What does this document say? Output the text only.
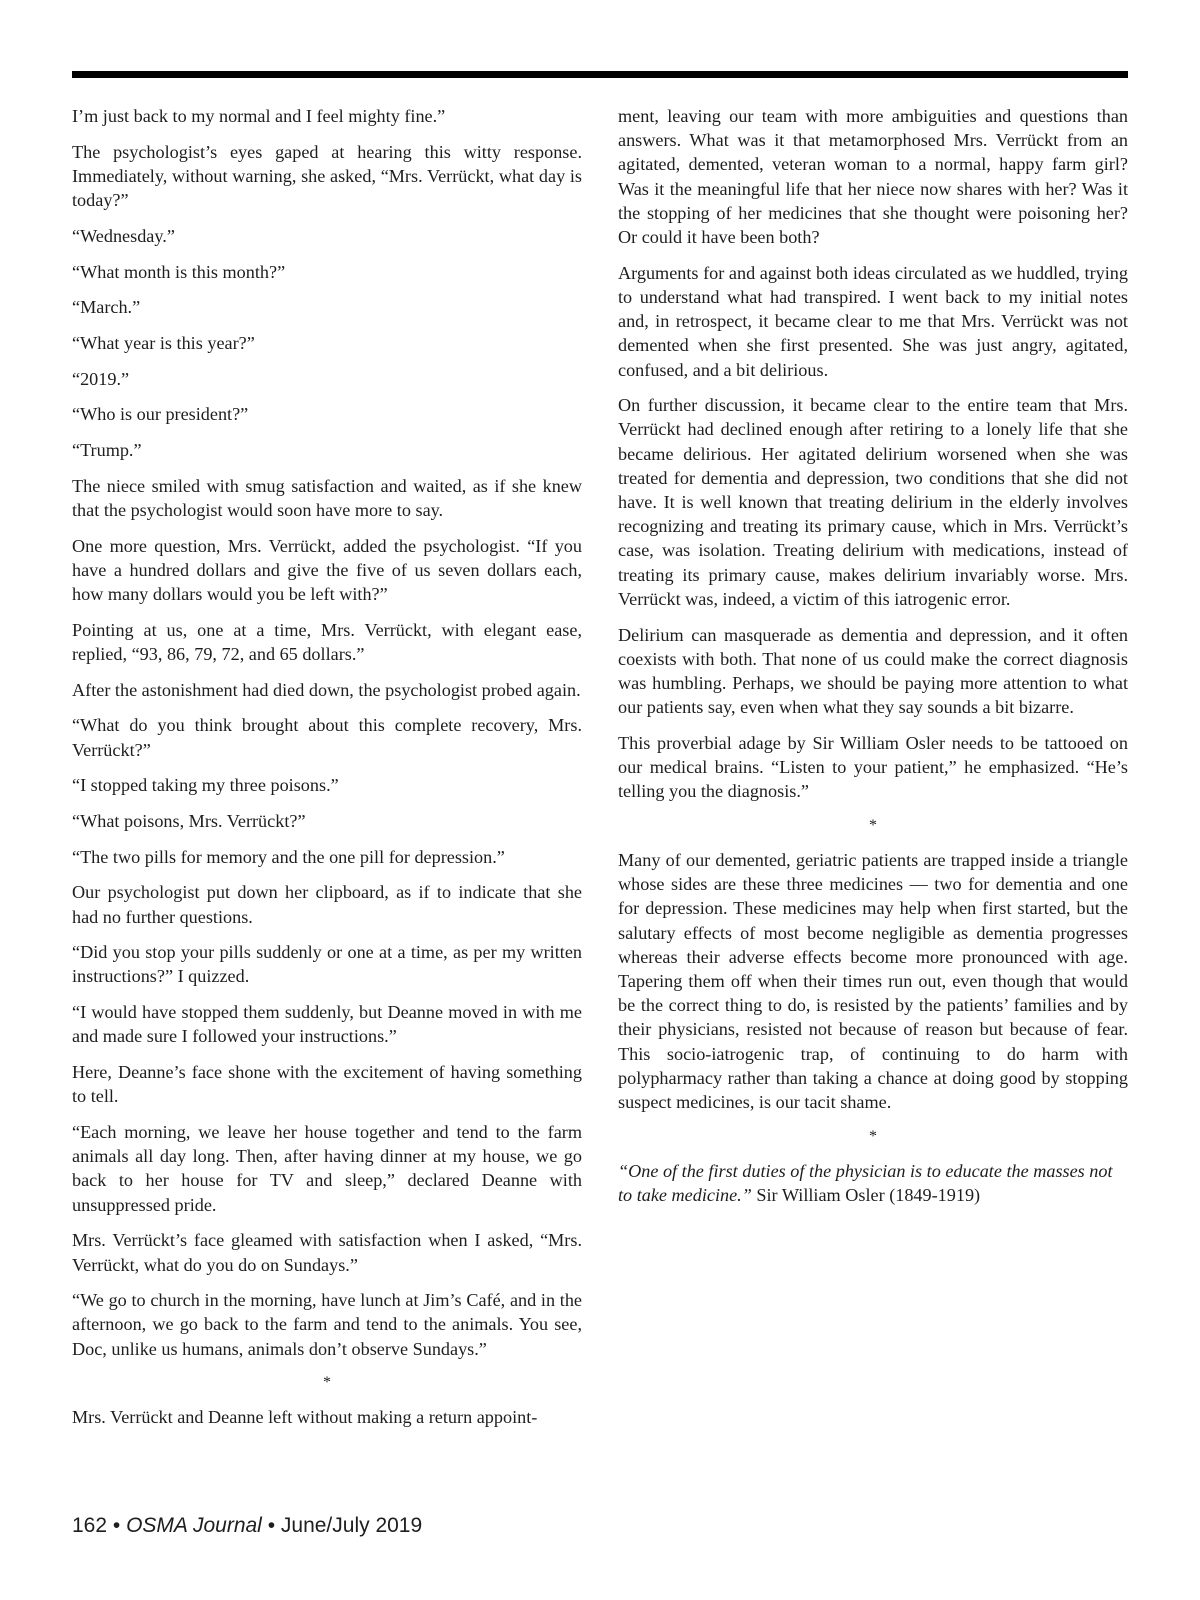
I’m just back to my normal and I feel mighty fine.”

The psychologist’s eyes gaped at hearing this witty response. Immediately, without warning, she asked, “Mrs. Verrückt, what day is today?”

“Wednesday.”

“What month is this month?”

“March.”

“What year is this year?”

“2019.”

“Who is our president?”

“Trump.”

The niece smiled with smug satisfaction and waited, as if she knew that the psychologist would soon have more to say.

One more question, Mrs. Verrückt, added the psychologist. “If you have a hundred dollars and give the five of us seven dollars each, how many dollars would you be left with?”

Pointing at us, one at a time, Mrs. Verrückt, with elegant ease, replied, “93, 86, 79, 72, and 65 dollars.”

After the astonishment had died down, the psychologist probed again.

“What do you think brought about this complete recovery, Mrs. Verrückt?”

“I stopped taking my three poisons.”

“What poisons, Mrs. Verrückt?”

“The two pills for memory and the one pill for depression.”

Our psychologist put down her clipboard, as if to indicate that she had no further questions.

“Did you stop your pills suddenly or one at a time, as per my written instructions?” I quizzed.

“I would have stopped them suddenly, but Deanne moved in with me and made sure I followed your instructions.”

Here, Deanne’s face shone with the excitement of having something to tell.

“Each morning, we leave her house together and tend to the farm animals all day long. Then, after having dinner at my house, we go back to her house for TV and sleep,” declared Deanne with unsuppressed pride.

Mrs. Verrückt’s face gleamed with satisfaction when I asked, “Mrs. Verrückt, what do you do on Sundays.”

“We go to church in the morning, have lunch at Jim’s Café, and in the afternoon, we go back to the farm and tend to the animals. You see, Doc, unlike us humans, animals don’t observe Sundays.”

*

Mrs. Verrückt and Deanne left without making a return appoint-

ment, leaving our team with more ambiguities and questions than answers. What was it that metamorphosed Mrs. Verrückt from an agitated, demented, veteran woman to a normal, happy farm girl? Was it the meaningful life that her niece now shares with her? Was it the stopping of her medicines that she thought were poisoning her? Or could it have been both?

Arguments for and against both ideas circulated as we huddled, trying to understand what had transpired. I went back to my initial notes and, in retrospect, it became clear to me that Mrs. Verrückt was not demented when she first presented. She was just angry, agitated, confused, and a bit delirious.

On further discussion, it became clear to the entire team that Mrs. Verrückt had declined enough after retiring to a lonely life that she became delirious. Her agitated delirium worsened when she was treated for dementia and depression, two conditions that she did not have. It is well known that treating delirium in the elderly involves recognizing and treating its primary cause, which in Mrs. Verrückt’s case, was isolation. Treating delirium with medications, instead of treating its primary cause, makes delirium invariably worse. Mrs. Verrückt was, indeed, a victim of this iatrogenic error.

Delirium can masquerade as dementia and depression, and it often coexists with both. That none of us could make the correct diagnosis was humbling. Perhaps, we should be paying more attention to what our patients say, even when what they say sounds a bit bizarre.

This proverbial adage by Sir William Osler needs to be tattooed on our medical brains. “Listen to your patient,” he emphasized. “He’s telling you the diagnosis.”

*

Many of our demented, geriatric patients are trapped inside a triangle whose sides are these three medicines — two for dementia and one for depression. These medicines may help when first started, but the salutary effects of most become negligible as dementia progresses whereas their adverse effects become more pronounced with age. Tapering them off when their times run out, even though that would be the correct thing to do, is resisted by the patients’ families and by their physicians, resisted not because of reason but because of fear. This socio-iatrogenic trap, of continuing to do harm with polypharmacy rather than taking a chance at doing good by stopping suspect medicines, is our tacit shame.

*

“One of the first duties of the physician is to educate the masses not to take medicine.” Sir William Osler (1849-1919)

162 • OSMA Journal • June/July 2019
